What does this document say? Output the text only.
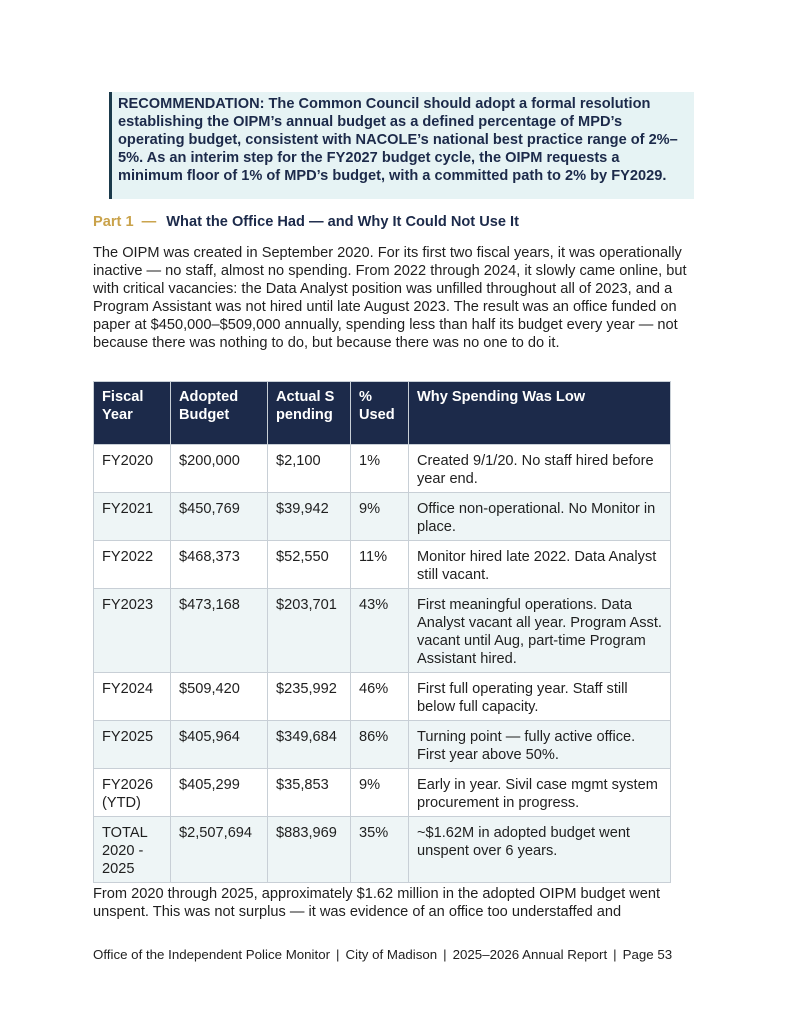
RECOMMENDATION: The Common Council should adopt a formal resolution establishing the OIPM’s annual budget as a defined percentage of MPD’s operating budget, consistent with NACOLE’s national best practice range of 2%–5%. As an interim step for the FY2027 budget cycle, the OIPM requests a minimum floor of 1% of MPD’s budget, with a committed path to 2% by FY2029.
Part 1 — What the Office Had — and Why It Could Not Use It

The OIPM was created in September 2020. For its first two fiscal years, it was operationally inactive — no staff, almost no spending. From 2022 through 2024, it slowly came online, but with critical vacancies: the Data Analyst position was unfilled throughout all of 2023, and a Program Assistant was not hired until late August 2023. The result was an office funded on paper at $450,000–$509,000 annually, spending less than half its budget every year — not because there was nothing to do, but because there was no one to do it.

Fiscal Year	Adopted Budget	Actual Spending	% Used	Why Spending Was Low
FY2020	$200,000	$2,100	1%	Created 9/1/20. No staff hired before year end.
FY2021	$450,769	$39,942	9%	Office non-operational. No Monitor in place.
FY2022	$468,373	$52,550	11%	Monitor hired late 2022. Data Analyst still vacant.
FY2023	$473,168	$203,701	43%	First meaningful operations. Data Analyst vacant all year. Program Asst. vacant until Aug, part-time Program Assistant hired.
FY2024	$509,420	$235,992	46%	First full operating year. Staff still below full capacity.
FY2025	$405,964	$349,684	86%	Turning point — fully active office. First year above 50%.
FY2026 (YTD)	$405,299	$35,853	9%	Early in year. Sivil case mgmt system procurement in progress.
TOTAL 2020 - 2025	$2,507,694	$883,969	35%	~$1.62M in adopted budget went unspent over 6 years.

From 2020 through 2025, approximately $1.62 million in the adopted OIPM budget went unspent. This was not surplus — it was evidence of an office too understaffed and

Office of the Independent Police Monitor | City of Madison | 2025–2026 Annual Report | Page 53
